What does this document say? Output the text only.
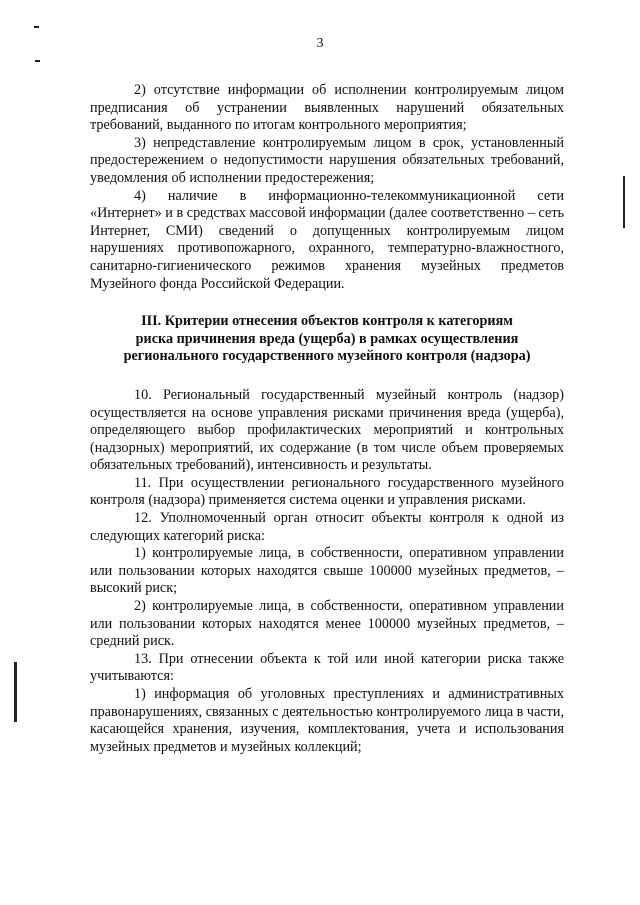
3

2) отсутствие информации об исполнении контролируемым лицом предписания об устранении выявленных нарушений обязательных требований, выданного по итогам контрольного мероприятия;

3) непредставление контролируемым лицом в срок, установленный предостережением о недопустимости нарушения обязательных требований, уведомления об исполнении предостережения;

4) наличие в информационно-телекоммуникационной сети «Интернет» и в средствах массовой информации (далее соответственно – сеть Интернет, СМИ) сведений о допущенных контролируемым лицом нарушениях противопожарного, охранного, температурно-влажностного, санитарно-гигиенического режимов хранения музейных предметов Музейного фонда Российской Федерации.

III. Критерии отнесения объектов контроля к категориям
риска причинения вреда (ущерба) в рамках осуществления
регионального государственного музейного контроля (надзора)

10. Региональный государственный музейный контроль (надзор) осуществляется на основе управления рисками причинения вреда (ущерба), определяющего выбор профилактических мероприятий и контрольных (надзорных) мероприятий, их содержание (в том числе объем проверяемых обязательных требований), интенсивность и результаты.

11. При осуществлении регионального государственного музейного контроля (надзора) применяется система оценки и управления рисками.

12. Уполномоченный орган относит объекты контроля к одной из следующих категорий риска:

1) контролируемые лица, в собственности, оперативном управлении или пользовании которых находятся свыше 100000 музейных предметов, – высокий риск;

2) контролируемые лица, в собственности, оперативном управлении или пользовании которых находятся менее 100000 музейных предметов, – средний риск.

13. При отнесении объекта к той или иной категории риска также учитываются:

1) информация об уголовных преступлениях и административных правонарушениях, связанных с деятельностью контролируемого лица в части, касающейся хранения, изучения, комплектования, учета и использования музейных предметов и музейных коллекций;
